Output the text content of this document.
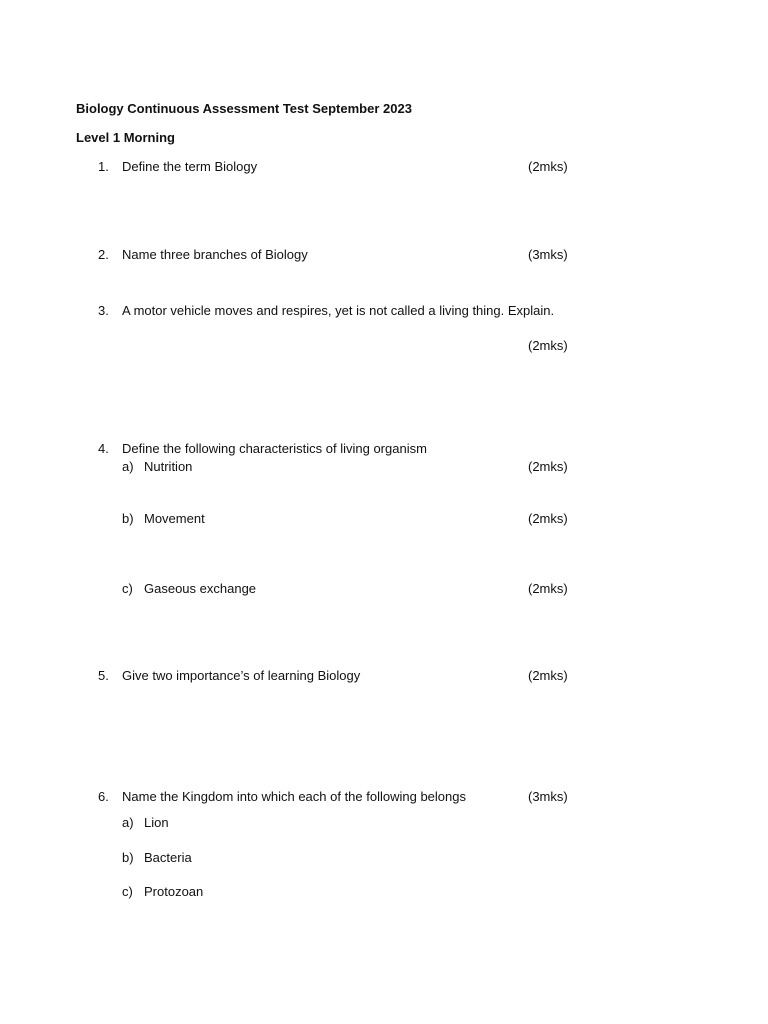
Biology Continuous Assessment Test September 2023
Level 1 Morning
1. Define the term Biology	(2mks)
2. Name three branches of Biology	(3mks)
3. A motor vehicle moves and respires, yet is not called a living thing. Explain.
(2mks)
4. Define the following characteristics of living organism
a) Nutrition	(2mks)
b) Movement	(2mks)
c) Gaseous exchange	(2mks)
5. Give two importance’s of learning Biology	(2mks)
6. Name the Kingdom into which each of the following belongs	(3mks)
a) Lion
b) Bacteria
c) Protozoan
